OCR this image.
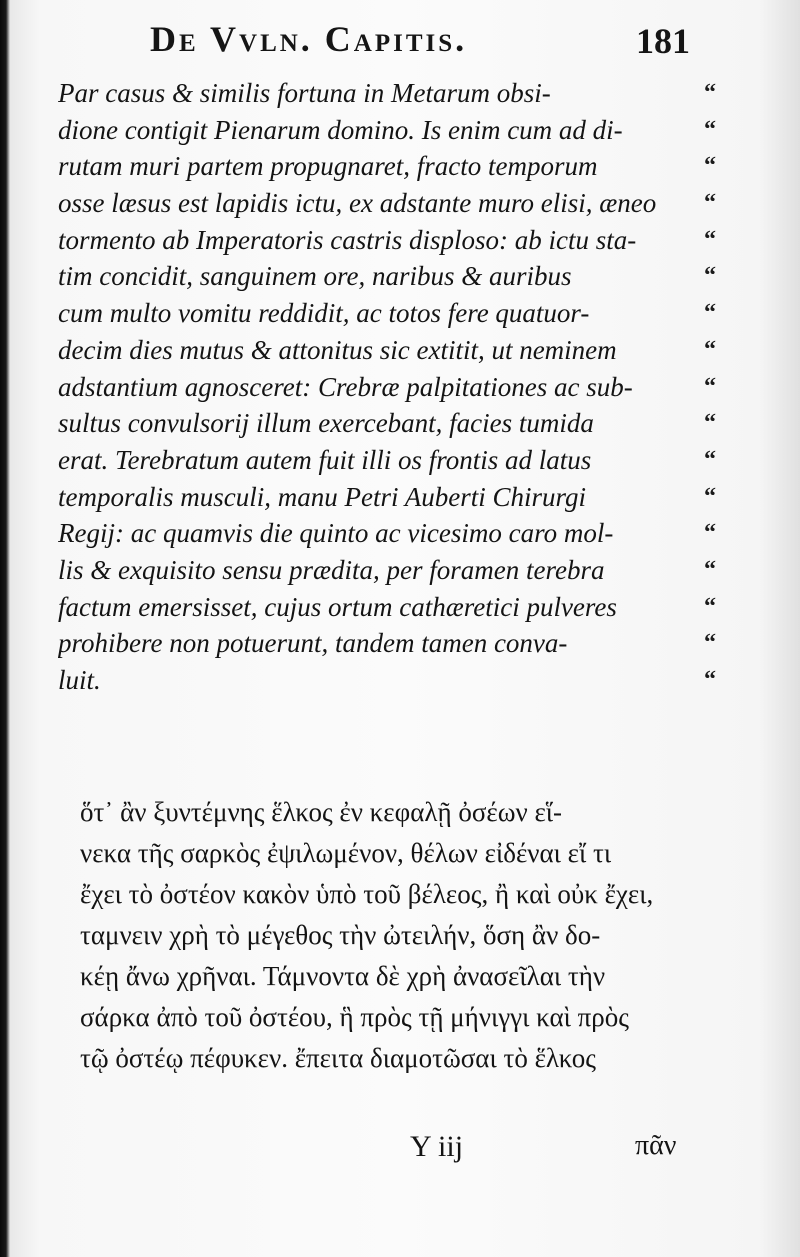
De Vvln. Capitis.	181
Par casus & similis fortuna in Metarum obsi-
dione contigit Pienarum domino. Is enim cum ad di-
rutam muri partem propugnaret, fracto temporum
osse læsus est lapidis ictu, ex adstante muro elisi, æneo
tormento ab Imperatoris castris disploso: ab ictu sta-
tim concidit, sanguinem ore, naribus & auribus
cum multo vomitu reddidit, ac totos fere quatuor-
decim dies mutus & attonitus sic extitit, ut neminem
adstantium agnosceret: Crebræ palpitationes ac sub-
sultus convulsorij illum exercebant, facies tumida
erat. Terebratum autem fuit illi os frontis ad latus
temporalis musculi, manu Petri Auberti Chirurgi
Regij: ac quamvis die quinto ac vicesimo caro mol-
lis & exquisito sensu prædita, per foramen terebra
factum emersisset, cujus ortum cathæretici pulveres
prohibere non potuerunt, tandem tamen conva-
luit.
“
“
“
“
“
“
“
“
“
“
“
“
“
“
“
“
“
ὅτ᾽ ἂν ξυντέμνης ἕλκος ἐν κεφαλῇ ὀσέων εἵ-
νεκα τῆς σαρκὸς ἐψιλωμένον, θέλων εἰδέναι εἴ τι
ἔχει τὸ ὀστέον κακὸν ὑπὸ τοῦ βέλεος, ἢ καὶ οὐκ ἔχει,
ταμνειν χρὴ τὸ μέγεθος τὴν ὠτειλήν, ὅση ἂν δο-
κέῃ ἄνω χρῆναι. Τάμνοντα δὲ χρὴ ἀνασεῖλαι τὴν
σάρκα ἀπὸ τοῦ ὀστέου, ἣ πρὸς τῇ μήνιγγι καὶ πρὸς
τῷ ὀστέῳ πέφυκεν. ἔπειτα διαμοτῶσαι τὸ ἕλκος
Y iij	πᾶν
